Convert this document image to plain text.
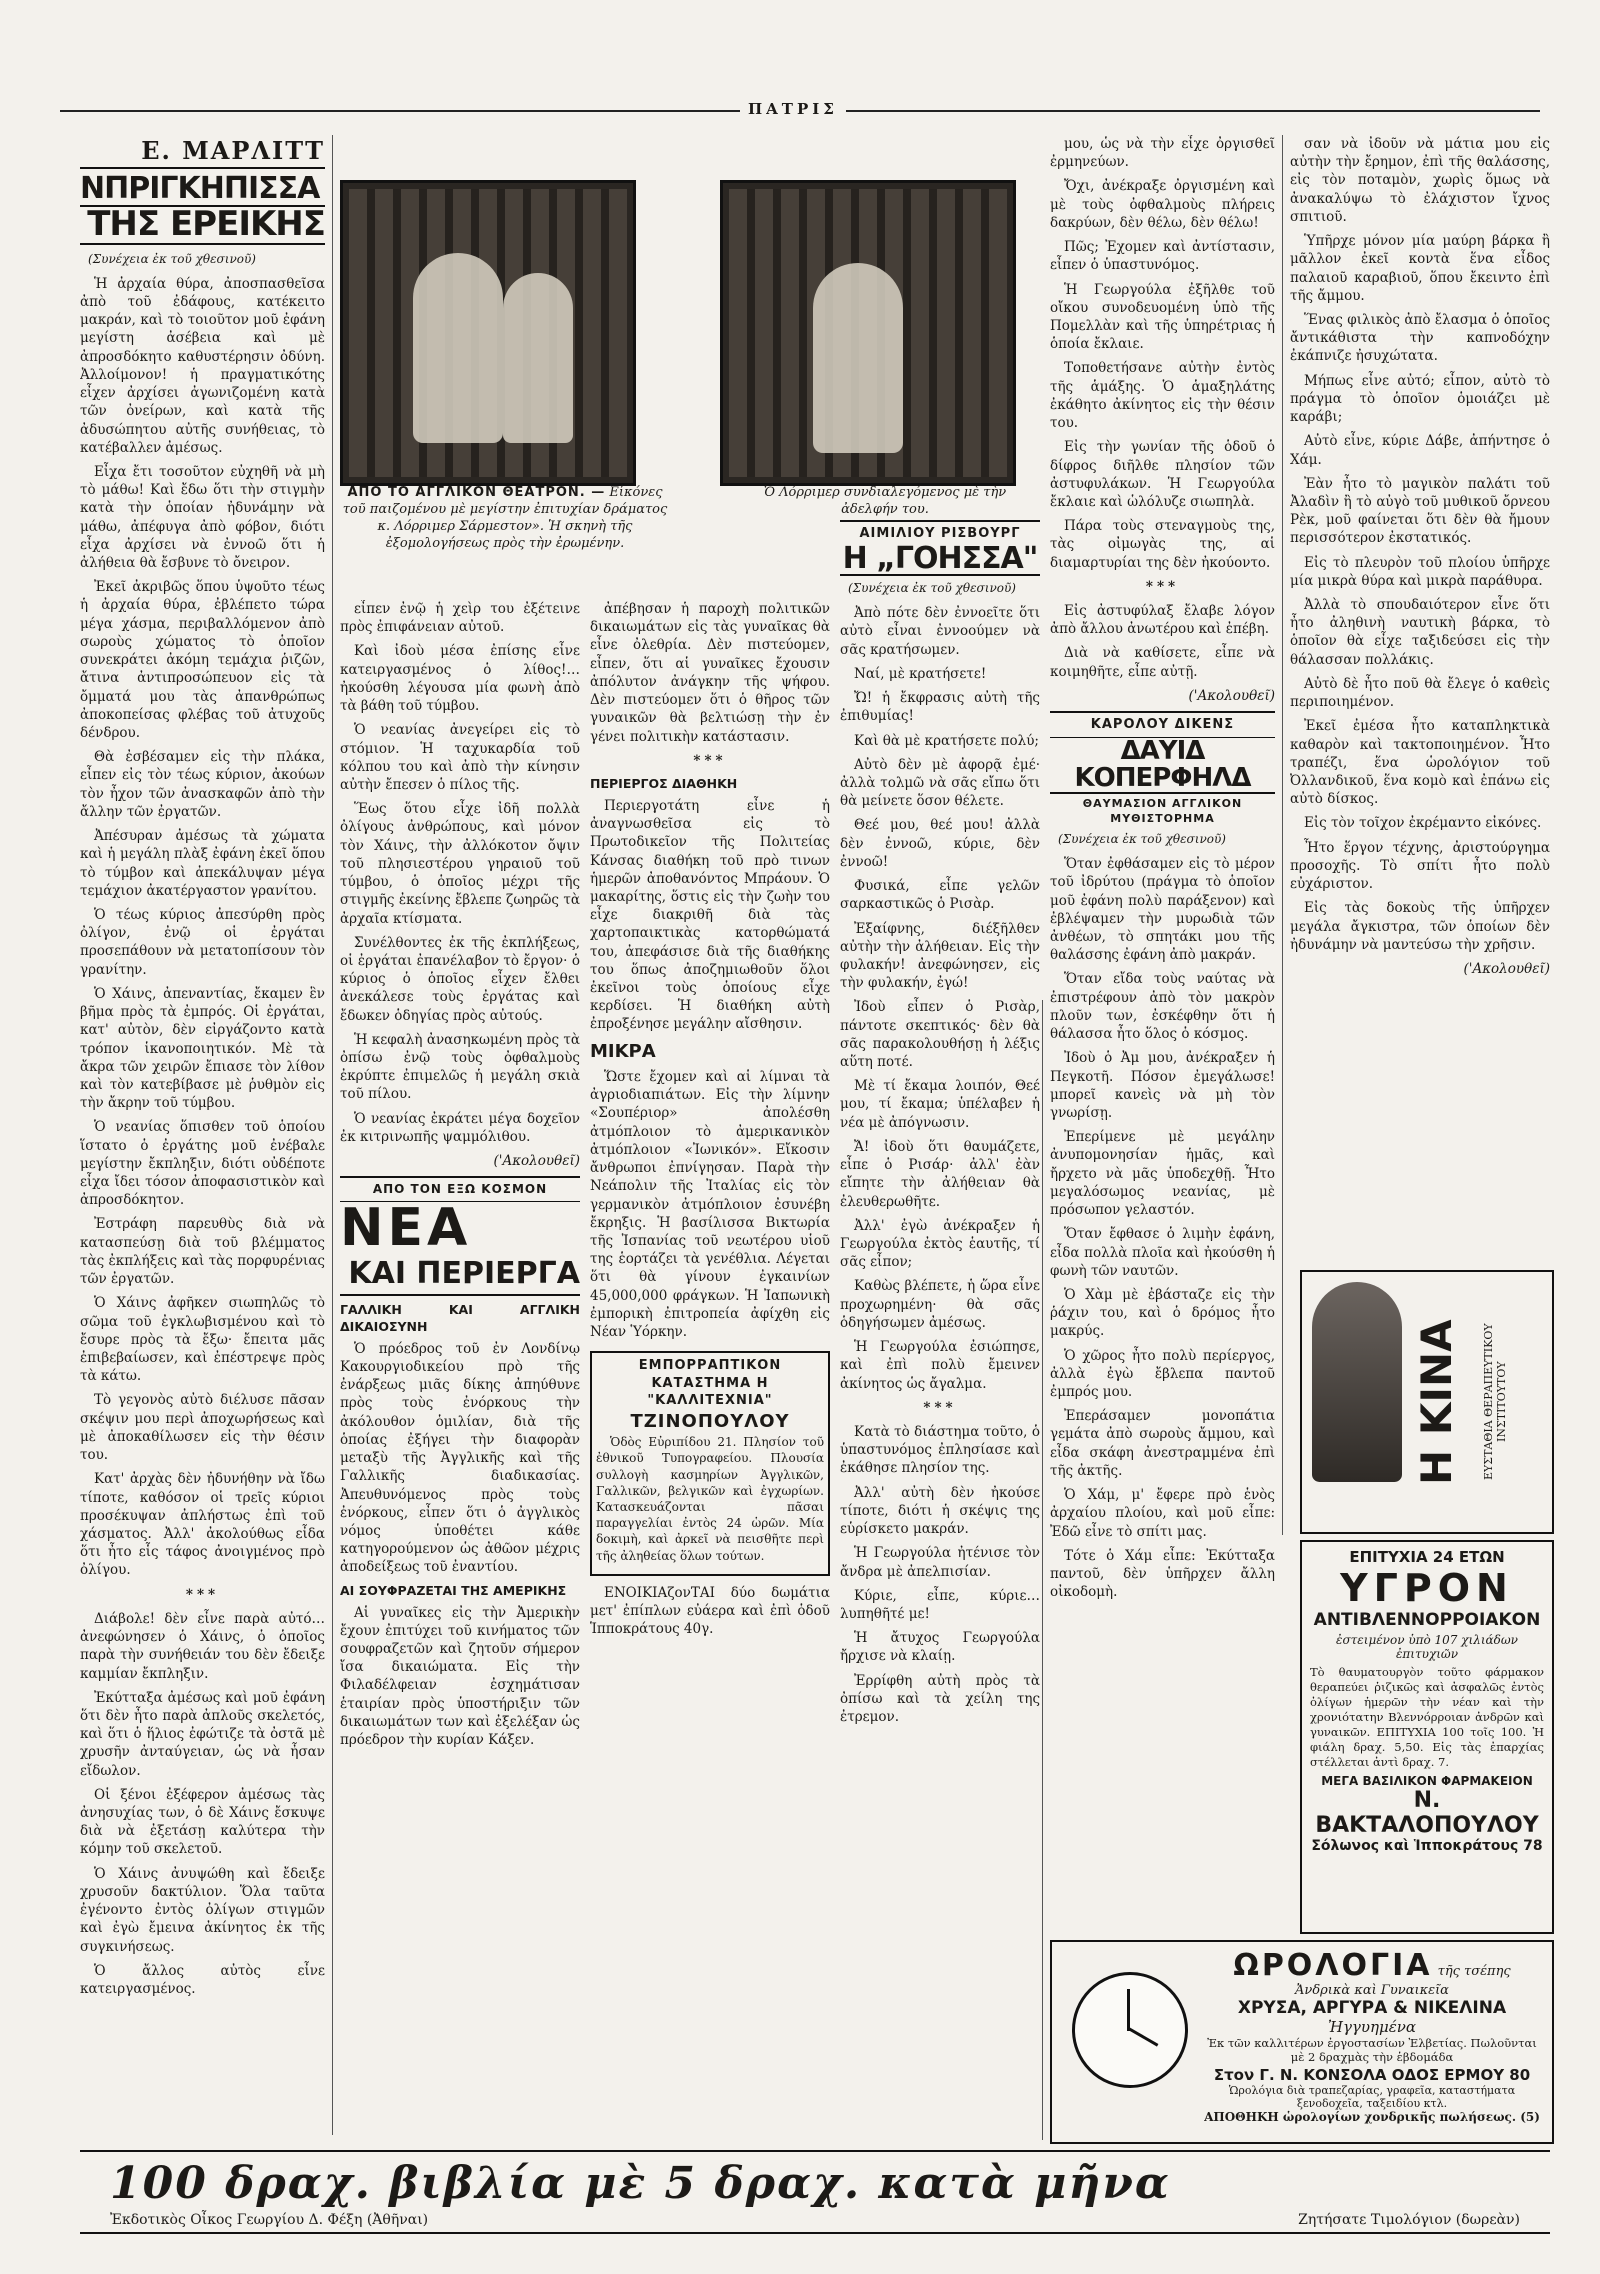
ΠΑΤΡΙΣ
Ε. ΜΑΡΛΙΤΤ
ΝΠΡΙΓΚΗΠΙΣΣΑ
ΤΗΣ ΕΡΕΙΚΗΣ
(Συνέχεια ἐκ τοῦ χθεσινοῦ)

Ἡ ἀρχαία θύρα, ἀποσπασθεῖσα ἀπὸ τοῦ ἐδάφους, κατέκειτο μακράν, καὶ τὸ τοιοῦτον μοῦ ἐφάνη μεγίστη ἀσέβεια καὶ μὲ ἀπροσδόκητο καθυστέρησιν ὀδύνη. Ἀλλοίμονον! ἡ πραγματικότης εἶχεν ἀρχίσει ἀγωνιζομένη κατὰ τῶν ὀνείρων, καὶ κατὰ τῆς ἀδυσώπητου αὐτῆς συνήθειας, τὸ κατέβαλλεν ἀμέσως.

Εἶχα ἔτι τοσοῦτον εὐχηθῆ νὰ μὴ τὸ μάθω! Καὶ ἔδω ὅτι τὴν στιγμὴν κατὰ τὴν ὁποίαν ἠδυνάμην νὰ μάθω, ἀπέφυγα ἀπὸ φόβον, διότι εἶχα ἀρχίσει νὰ ἐννοῶ ὅτι ἡ ἀλήθεια θὰ ἔσβυνε τὸ ὄνειρον.

Ἐκεῖ ἀκριβῶς ὅπου ὑψοῦτο τέως ἡ ἀρχαία θύρα, ἐβλέπετο τώρα μέγα χάσμα, περιβαλλόμενον ἀπὸ σωροὺς χώματος τὸ ὁποῖον συνεκράτει ἀκόμη τεμάχια ῥιζῶν, ἄτινα ἀντιπροσώπευον εἰς τὰ ὄμματά μου τὰς ἀπανθρώπως ἀποκοπείσας φλέβας τοῦ ἀτυχοῦς δένδρου.

Θὰ ἐσβέσαμεν εἰς τὴν πλάκα, εἶπεν εἰς τὸν τέως κύριον, ἀκούων τὸν ἦχον τῶν ἀνασκαφῶν ἀπὸ τὴν ἄλλην τῶν ἐργατῶν.

Ἀπέσυραν ἀμέσως τὰ χώματα καὶ ἡ μεγάλη πλὰξ ἐφάνη ἐκεῖ ὅπου τὸ τύμβον καὶ ἀπεκάλυψαν μέγα τεμάχιον ἀκατέργαστον γρανίτου.

Ὁ τέως κύριος ἀπεσύρθη πρὸς ὀλίγον, ἐνῷ οἱ ἐργάται προσεπάθουν νὰ μετατοπίσουν τὸν γρανίτην.

Ὁ Χάινς, ἀπεναντίας, ἔκαμεν ἓν βῆμα πρὸς τὰ ἐμπρός. Οἱ ἐργάται, κατ' αὐτὸν, δὲν εἰργάζοντο κατὰ τρόπον ἱκανοποιητικόν. Μὲ τὰ ἄκρα τῶν χειρῶν ἔπιασε τὸν λίθον καὶ τὸν κατεβίβασε μὲ ῥυθμὸν εἰς τὴν ἄκρην τοῦ τύμβου.

Ὁ νεανίας ὅπισθεν τοῦ ὁποίου ἵστατο ὁ ἐργάτης μοῦ ἐνέβαλε μεγίστην ἔκπληξιν, διότι οὐδέποτε εἶχα ἴδει τόσον ἀποφασιστικὸν καὶ ἀπροσδόκητον.

Ἐστράφη παρευθὺς διὰ νὰ κατασπεύσῃ διὰ τοῦ βλέμματος τὰς ἐκπλήξεις καὶ τὰς πορφυρένιας τῶν ἐργατῶν.

Ὁ Χάινς ἀφῆκεν σιωπηλῶς τὸ σῶμα τοῦ ἐγκλωβισμένου καὶ τὸ ἔσυρε πρὸς τὰ ἔξω· ἔπειτα μᾶς ἐπιβεβαίωσεν, καὶ ἐπέστρεψε πρὸς τὰ κάτω.

Τὸ γεγονὸς αὐτὸ διέλυσε πᾶσαν σκέψιν μου περὶ ἀποχωρήσεως καὶ μὲ ἀποκαθίλωσεν εἰς τὴν θέσιν του.

Κατ' ἀρχὰς δὲν ἠδυνήθην νὰ ἴδω τίποτε, καθόσον οἱ τρεῖς κύριοι προσέκυψαν ἀπλήστως ἐπὶ τοῦ χάσματος. Ἀλλ' ἀκολούθως εἶδα ὅτι ἦτο εἷς τάφος ἀνοιγμένος πρὸ ὀλίγου.

***

Διάβολε! δὲν εἶνε παρὰ αὐτό… ἀνεφώνησεν ὁ Χάινς, ὁ ὁποῖος παρὰ τὴν συνήθειάν του δὲν ἔδειξε καμμίαν ἔκπληξιν.

Ἐκύτταξα ἀμέσως καὶ μοῦ ἐφάνη ὅτι δὲν ἦτο παρὰ ἀπλοῦς σκελετός, καὶ ὅτι ὁ ἥλιος ἐφώτιζε τὰ ὀστᾶ μὲ χρυσῆν ἀνταύγειαν, ὡς νὰ ἦσαν εἴδωλον.

Οἱ ξένοι ἐξέφερον ἀμέσως τὰς ἀνησυχίας των, ὁ δὲ Χάινς ἔσκυψε διὰ νὰ ἐξετάσῃ καλύτερα τὴν κόμην τοῦ σκελετοῦ.

Ὁ Χάινς ἀνυψώθη καὶ ἔδειξε χρυσοῦν δακτύλιον. Ὅλα ταῦτα ἐγένοντο ἐντὸς ὀλίγων στιγμῶν καὶ ἐγὼ ἔμεινα ἀκίνητος ἐκ τῆς συγκινήσεως.

Ὁ ἄλλος αὐτὸς εἶνε κατειργασμένος.

ΑΠΟ ΤΟ ΑΓΓΛΙΚΟΝ ΘΕΑΤΡΟΝ. — Εἰκόνες τοῦ παιζομένου μὲ μεγίστην ἐπιτυχίαν δράματος κ. Λόρριμερ Σάρμεστον». Ἡ σκηνὴ τῆς ἐξομολογήσεως πρὸς τὴν ἐρωμένην.
Ὁ Λόρριμερ συνδιαλεγόμενος μὲ τὴν ἀδελφήν του.

εἶπεν ἐνῷ ἡ χεὶρ του ἐξέτεινε πρὸς ἐπιφάνειαν αὐτοῦ.

Καὶ ἰδοὺ μέσα ἐπίσης εἶνε κατειργασμένος ὁ λίθος!… ἠκούσθη λέγουσα μία φωνὴ ἀπὸ τὰ βάθη τοῦ τύμβου.

Ὁ νεανίας ἀνεγείρει εἰς τὸ στόμιον. Ἡ ταχυκαρδία τοῦ κόλπου του καὶ ἀπὸ τὴν κίνησιν αὐτὴν ἔπεσεν ὁ πίλος τῆς.

Ἕως ὅτου εἶχε ἰδῆ πολλὰ ὀλίγους ἀνθρώπους, καὶ μόνον τὸν Χάινς, τὴν ἀλλόκοτον ὄψιν τοῦ πλησιεστέρου γηραιοῦ τοῦ τύμβου, ὁ ὁποῖος μέχρι τῆς στιγμῆς ἐκείνης ἔβλεπε ζωηρῶς τὰ ἀρχαῖα κτίσματα.

Συνέλθοντες ἐκ τῆς ἐκπλήξεως, οἱ ἐργάται ἐπανέλαβον τὸ ἔργον· ὁ κύριος ὁ ὁποῖος εἶχεν ἔλθει ἀνεκάλεσε τοὺς ἐργάτας καὶ ἔδωκεν ὁδηγίας πρὸς αὐτούς.

Ἡ κεφαλὴ ἀνασηκωμένη πρὸς τὰ ὀπίσω ἐνῷ τοὺς ὀφθαλμοὺς ἐκρύπτε ἐπιμελῶς ἡ μεγάλη σκιὰ τοῦ πίλου.

Ὁ νεανίας ἐκράτει μέγα δοχεῖον ἐκ κιτρινωπῆς ψαμμόλιθου.

('Ακολουθεῖ)
ΑΠΟ ΤΟΝ ΕΞΩ ΚΟΣΜΟΝ
ΝΕΑ
ΚΑΙ ΠΕΡΙΕΡΓΑ
ΓΑΛΛΙΚΗ ΚΑΙ ΑΓΓΛΙΚΗ ΔΙΚΑΙΟΣΥΝΗ

Ὁ πρόεδρος τοῦ ἐν Λονδίνῳ Κακουργιοδικείου πρὸ τῆς ἐνάρξεως μιᾶς δίκης ἀπηύθυνε πρὸς τοὺς ἐνόρκους τὴν ἀκόλουθον ὁμιλίαν, διὰ τῆς ὁποίας ἐξήγει τὴν διαφορὰν μεταξὺ τῆς Ἀγγλικῆς καὶ τῆς Γαλλικῆς διαδικασίας. Ἀπευθυνόμενος πρὸς τοὺς ἐνόρκους, εἶπεν ὅτι ὁ ἀγγλικὸς νόμος ὑποθέτει κάθε κατηγορούμενον ὡς ἀθῶον μέχρις ἀποδείξεως τοῦ ἐναντίου.

ΑΙ ΣΟΥΦΡΑΖΕΤΑΙ ΤΗΣ ΑΜΕΡΙΚΗΣ

Αἱ γυναῖκες εἰς τὴν Ἀμερικὴν ἔχουν ἐπιτύχει τοῦ κινήματος τῶν σουφραζετῶν καὶ ζητοῦν σήμερον ἴσα δικαιώματα. Εἰς τὴν Φιλαδέλφειαν ἐσχημάτισαν ἑταιρίαν πρὸς ὑποστήριξιν τῶν δικαιωμάτων των καὶ ἐξελέξαν ὡς πρόεδρον τὴν κυρίαν Κάξεν.

ἀπέβησαν ἡ παροχὴ πολιτικῶν δικαιωμάτων εἰς τὰς γυναῖκας θὰ εἶνε ὀλεθρία. Δὲν πιστεύομεν, εἶπεν, ὅτι αἱ γυναῖκες ἔχουσιν ἀπόλυτον ἀνάγκην τῆς ψήφου. Δὲν πιστεύομεν ὅτι ὁ θῆρος τῶν γυναικῶν θὰ βελτιώσῃ τὴν ἐν γένει πολιτικὴν κατάστασιν.

***
ΠΕΡΙΕΡΓΟΣ ΔΙΑΘΗΚΗ

Περιεργοτάτη εἶνε ἡ ἀναγνωσθεῖσα εἰς τὸ Πρωτοδικεῖον τῆς Πολιτείας Κάνσας διαθήκη τοῦ πρὸ τινων ἡμερῶν ἀποθανόντος Μπράουν. Ὁ μακαρίτης, ὅστις εἰς τὴν ζωὴν του εἶχε διακριθῆ διὰ τὰς χαρτοπαικτικὰς κατορθώματά του, ἀπεφάσισε διὰ τῆς διαθήκης του ὅπως ἀποζημιωθοῦν ὅλοι ἐκεῖνοι τοὺς ὁποίους εἶχε κερδίσει. Ἡ διαθήκη αὐτὴ ἐπροξένησε μεγάλην αἴσθησιν.

ΜΙΚΡΑ

Ὥστε ἔχομεν καὶ αἱ λίμναι τὰ ἀγριοδιαπιάτων. Εἰς τὴν λίμνην «Σουπέριορ» ἀπολέσθη ἀτμόπλοιον τὸ ἀμερικανικὸν ἀτμόπλοιον «Ἰωνικόν». Εἴκοσιν ἄνθρωποι ἐπνίγησαν. Παρὰ τὴν Νεάπολιν τῆς Ἰταλίας εἰς τὸν γερμανικὸν ἀτμόπλοιον ἐσυνέβη ἔκρηξις. Ἡ βασίλισσα Βικτωρία τῆς Ἰσπανίας τοῦ νεωτέρου υἱοῦ της ἑορτάζει τὰ γενέθλια. Λέγεται ὅτι θὰ γίνουν ἐγκαινίων 45,000,000 φράγκων. Ἡ Ἰαπωνικὴ ἐμπορικὴ ἐπιτροπεία ἀφίχθη εἰς Νέαν Ὑόρκην.

ΕΜΠΟΡΡΑΠΤΙΚΟΝ
ΚΑΤΑΣΤΗΜΑ Η "ΚΑΛΛΙΤΕΧΝΙΑ"
ΤΖΙΝΟΠΟΥΛΟΥ

Ὁδὸς Εὐριπίδου 21. Πλησίον τοῦ ἐθνικοῦ Τυπογραφείου. Πλουσία συλλογὴ κασμηρίων Ἀγγλικῶν, Γαλλικῶν, βελγικῶν καὶ ἐγχωρίων. Κατασκευάζονται πᾶσαι παραγγελίαι ἐντὸς 24 ὡρῶν. Μία δοκιμὴ, καὶ ἀρκεῖ νὰ πεισθῆτε περὶ τῆς ἀληθείας ὅλων τούτων.

ΕΝΟΙΚΙΑζονΤΑΙ δύο δωμάτια μετ' ἐπίπλων εὐάερα καὶ ἐπὶ ὁδοῦ Ἱπποκράτους 40γ.

ΑΙΜΙΛΙΟΥ ΡΙΣΒΟΥΡΓ
Η „ΓΟΗΣΣΑ"
(Συνέχεια ἐκ τοῦ χθεσινοῦ)

Ἀπὸ πότε δὲν ἐννοεῖτε ὅτι αὐτὸ εἶναι ἐννοούμεν νὰ σᾶς κρατήσωμεν.

Ναί, μὲ κρατήσετε!

Ὤ! ἡ ἔκφρασις αὐτὴ τῆς ἐπιθυμίας!

Καὶ θὰ μὲ κρατήσετε πολύ;

Αὐτὸ δὲν μὲ ἀφορᾷ ἐμέ· ἀλλὰ τολμῶ νὰ σᾶς εἴπω ὅτι θὰ μείνετε ὅσον θέλετε.

Θεέ μου, θεέ μου! ἀλλὰ δὲν ἐννοῶ, κύριε, δὲν ἐννοῶ!

Φυσικά, εἶπε γελῶν σαρκαστικῶς ὁ Ρισὰρ.

Ἐξαίφνης, διέξῆλθεν αὐτὴν τὴν ἀλήθειαν. Εἰς τὴν φυλακήν! ἀνεφώνησεν, εἰς τὴν φυλακήν, ἐγώ!

Ἰδοὺ εἶπεν ὁ Ρισὰρ, πάντοτε σκεπτικός· δὲν θὰ σᾶς παρακολουθήσῃ ἡ λέξις αὕτη ποτέ.

Μὲ τί ἔκαμα λοιπόν, Θεέ μου, τί ἔκαμα; ὑπέλαβεν ἡ νέα μὲ ἀπόγνωσιν.

Ἄ! ἰδοὺ ὅτι θαυμάζετε, εἶπε ὁ Ρισάρ· ἀλλ' ἐὰν εἴπητε τὴν ἀλήθειαν θὰ ἐλευθερωθῆτε.

Ἀλλ' ἐγὼ ἀνέκραξεν ἡ Γεωργούλα ἐκτὸς ἑαυτῆς, τί σᾶς εἶπον;

Καθὼς βλέπετε, ἡ ὥρα εἶνε προχωρημένη· θὰ σᾶς ὁδηγήσωμεν ἀμέσως.

Ἡ Γεωργούλα ἐσιώπησε, καὶ ἐπὶ πολὺ ἔμεινεν ἀκίνητος ὡς ἄγαλμα.

***

Κατὰ τὸ διάστημα τοῦτο, ὁ ὑπαστυνόμος ἐπλησίασε καὶ ἐκάθησε πλησίον της.

Ἀλλ' αὐτὴ δὲν ἠκούσε τίποτε, διότι ἡ σκέψις της εὑρίσκετο μακράν.

Ἡ Γεωργούλα ἠτένισε τὸν ἄνδρα μὲ ἀπελπισίαν.

Κύριε, εἶπε, κύριε… λυπηθῆτέ με!

Ἡ ἄτυχος Γεωργούλα ἤρχισε νὰ κλαίῃ.

Ἐρρίφθη αὐτὴ πρὸς τὰ ὀπίσω καὶ τὰ χείλη της ἐτρεμον.

μου, ὡς νὰ τὴν εἶχε ὀργισθεῖ ἐρμηνεύων.

Ὄχι, ἀνέκραξε ὀργισμένη καὶ μὲ τοὺς ὀφθαλμοὺς πλήρεις δακρύων, δὲν θέλω, δὲν θέλω!

Πῶς; Ἐχομεν καὶ ἀντίστασιν, εἶπεν ὁ ὑπαστυνόμος.

Ἡ Γεωργούλα ἐξῆλθε τοῦ οἴκου συνοδευομένη ὑπὸ τῆς Πομελλὰν καὶ τῆς ὑπηρέτριας ἡ ὁποία ἔκλαιε.

Τοποθετήσανε αὐτὴν ἐντὸς τῆς ἁμάξης. Ὁ ἁμαξηλάτης ἐκάθητο ἀκίνητος εἰς τὴν θέσιν του.

Εἰς τὴν γωνίαν τῆς ὁδοῦ ὁ δίφρος διῆλθε πλησίον τῶν ἀστυφυλάκων. Ἡ Γεωργούλα ἔκλαιε καὶ ὡλόλυζε σιωπηλὰ.

Πάρα τοὺς στεναγμοὺς της, τὰς οἰμωγὰς της, αἱ διαμαρτυρίαι της δὲν ἠκούοντο.

***

Εἰς ἀστυφύλαξ ἔλαβε λόγον ἀπὸ ἄλλου ἀνωτέρου καὶ ἐπέβη.

Διὰ νὰ καθίσετε, εἶπε νὰ κοιμηθῆτε, εἶπε αὐτῇ.

('Ακολουθεῖ)
ΚΑΡΟΛΟΥ ΔΙΚΕΝΣ
ΔΑΥΙΔ ΚΟΠΕΡΦΗΛΔ
ΘΑΥΜΑΣΙΟΝ ΑΓΓΛΙΚΟΝ ΜΥΘΙΣΤΟΡΗΜΑ
(Συνέχεια ἐκ τοῦ χθεσινοῦ)

Ὅταν ἐφθάσαμεν εἰς τὸ μέρον τοῦ ἰδρύτου (πράγμα τὸ ὁποῖον μοῦ ἐφάνη πολὺ παράξενον) καὶ ἐβλέψαμεν τὴν μυρωδιὰ τῶν ἀνθέων, τὸ σπητάκι μου τῆς θαλάσσης ἐφάνη ἀπὸ μακράν.

Ὅταν εἴδα τοὺς ναύτας νὰ ἐπιστρέφουν ἀπὸ τὸν μακρὸν πλοῦν των, ἐσκέφθην ὅτι ἡ θάλασσα ἦτο ὅλος ὁ κόσμος.

Ἰδοὺ ὁ Ἀμ μου, ἀνέκραξεν ἡ Πεγκοτῆ. Πόσον ἐμεγάλωσε! μπορεῖ κανεὶς νὰ μὴ τὸν γνωρίσῃ.

Ἐπερίμενε μὲ μεγάλην ἀνυπομονησίαν ἡμᾶς, καὶ ἤρχετο νὰ μᾶς ὑποδεχθῇ. Ἦτο μεγαλόσωμος νεανίας, μὲ πρόσωπον γελαστόν.

Ὅταν ἔφθασε ὁ λιμὴν ἐφάνη, εἶδα πολλὰ πλοῖα καὶ ἠκούσθη ἡ φωνὴ τῶν ναυτῶν.

Ὁ Χὰμ μὲ ἐβάσταζε εἰς τὴν ῥάχιν του, καὶ ὁ δρόμος ἦτο μακρύς.

Ὁ χῶρος ἦτο πολὺ περίεργος, ἀλλὰ ἐγὼ ἔβλεπα παντοῦ ἐμπρός μου.

Ἐπεράσαμεν μονοπάτια γεμάτα ἀπὸ σωροὺς ἄμμου, καὶ εἶδα σκάφη ἀνεστραμμένα ἐπὶ τῆς ἀκτῆς.

Ὁ Χάμ, μ' ἔφερε πρὸ ἑνὸς ἀρχαίου πλοίου, καὶ μοῦ εἶπε: Ἐδῶ εἶνε τὸ σπίτι μας.

Τότε ὁ Χάμ εἶπε: Ἐκύτταξα παντοῦ, δὲν ὑπῆρχεν ἄλλη οἰκοδομὴ.

σαν νὰ ἰδοῦν νὰ μάτια μου εἰς αὐτὴν τὴν ἔρημον, ἐπὶ τῆς θαλάσσης, εἰς τὸν ποταμὸν, χωρὶς ὅμως νὰ ἀνακαλύψω τὸ ἐλάχιστον ἴχνος σπιτιοῦ.

Ὑπῆρχε μόνον μία μαύρη βάρκα ἢ μᾶλλον ἐκεῖ κοντὰ ἕνα εἶδος παλαιοῦ καραβιοῦ, ὅπου ἔκειντο ἐπὶ τῆς ἄμμου.

Ἕνας φιλικὸς ἀπὸ ἔλασμα ὁ ὁποῖος ἄντικάθιστα τὴν καπνοδόχην ἐκάπνιζε ἠσυχώτατα.

Μήπως εἶνε αὐτό; εἶπον, αὐτὸ τὸ πράγμα τὸ ὁποῖον ὁμοιάζει μὲ καράβι;

Αὐτὸ εἶνε, κύριε Δάβε, ἀπήντησε ὁ Χάμ.

Ἐὰν ἦτο τὸ μαγικὸν παλάτι τοῦ Ἀλαδὶν ἢ τὸ αὐγὸ τοῦ μυθικοῦ ὄρνεου Ρὲκ, μοῦ φαίνεται ὅτι δὲν θὰ ἤμουν περισσότερον ἐκστατικός.

Εἰς τὸ πλευρὸν τοῦ πλοίου ὑπῆρχε μία μικρὰ θύρα καὶ μικρὰ παράθυρα.

Ἀλλὰ τὸ σπουδαιότερον εἶνε ὅτι ἦτο ἀληθινὴ ναυτικὴ βάρκα, τὸ ὁποῖον θὰ εἶχε ταξιδεύσει εἰς τὴν θάλασσαν πολλάκις.

Αὐτὸ δὲ ἦτο ποῦ θὰ ἔλεγε ὁ καθεὶς περιποιημένον.

Ἐκεῖ ἐμέσα ἦτο καταπληκτικὰ καθαρὸν καὶ τακτοποιημένον. Ἦτο τραπέζι, ἕνα ὡρολόγιον τοῦ Ὀλλανδικοῦ, ἕνα κομὸ καὶ ἐπάνω εἰς αὐτὸ δίσκος.

Εἰς τὸν τοῖχον ἐκρέμαντο εἰκόνες.

Ἦτο ἕργον τέχνης, ἀριστούργημα προσοχῆς. Τὸ σπίτι ἦτο πολὺ εὐχάριστον.

Εἰς τὰς δοκοὺς τῆς ὑπῆρχεν μεγάλα ἄγκιστρα, τῶν ὁποίων δὲν ἠδυνάμην νὰ μαντεύσω τὴν χρῆσιν.

('Ακολουθεῖ)
Η ΚΙΝΑ	ΕΥΣΤΑΘΙΑ ΘΕΡΑΠΕΥΤΙΚΟΥ ΙΝΣΤΙΤΟΥΤΟΥ
ΕΠΙΤΥΧΙΑ 24 ΕΤΩΝ
ΥΓΡΟΝ
ΑΝΤΙΒΛΕΝΝΟΡΡΟΙΑΚΟΝ
ἐστειμένον ὑπὸ 107 χιλιάδων ἐπιτυχιῶν
Τὸ θαυματουργὸν τοῦτο φάρμακον θεραπεύει ῥιζικῶς καὶ ἀσφαλῶς ἐντὸς ὀλίγων ἡμερῶν τὴν νέαν καὶ τὴν χρονιότατην Βλεννόρροιαν ἀνδρῶν καὶ γυναικῶν. ΕΠΙΤΥΧΙΑ 100 τοῖς 100. Ἡ φιάλη δραχ. 5,50. Εἰς τὰς ἐπαρχίας στέλλεται ἀντὶ δραχ. 7.
ΜΕΓΑ ΒΑΣΙΛΙΚΟΝ ΦΑΡΜΑΚΕΙΟΝ
Ν. ΒΑΚΤΑΛΟΠΟΥΛΟΥ
Σόλωνος καὶ Ἱπποκράτους 78
ΩΡΟΛΟΓΙΑ τῆς τσέπης
Ἀνδρικὰ καὶ Γυναικεῖα
ΧΡΥΣΑ, ΑΡΓΥΡΑ & ΝΙΚΕΛΙΝΑ
Ἠγγυημένα
Ἐκ τῶν καλλιτέρων ἐργοστασίων Ἐλβετίας. Πωλοῦνται μὲ 2 δραχμὰς τὴν ἑβδομάδα
Στον Γ. Ν. ΚΟΝΣΟΛΑ ΟΔΟΣ ΕΡΜΟΥ 80
Ὡρολόγια διὰ τραπεζαρίας, γραφεῖα, καταστήματα ξενοδοχεῖα, ταξειδίου κτλ.
ΑΠΟΘΗΚΗ ὡρολογίων χονδρικῆς πωλήσεως. (5)
100 δραχ. βιβλία μὲ 5 δραχ. κατὰ μῆνα
Ἐκδοτικὸς Οἶκος Γεωργίου Δ. Φέξη (Ἀθῆναι)	Ζητήσατε Τιμολόγιον (δωρεὰν)
